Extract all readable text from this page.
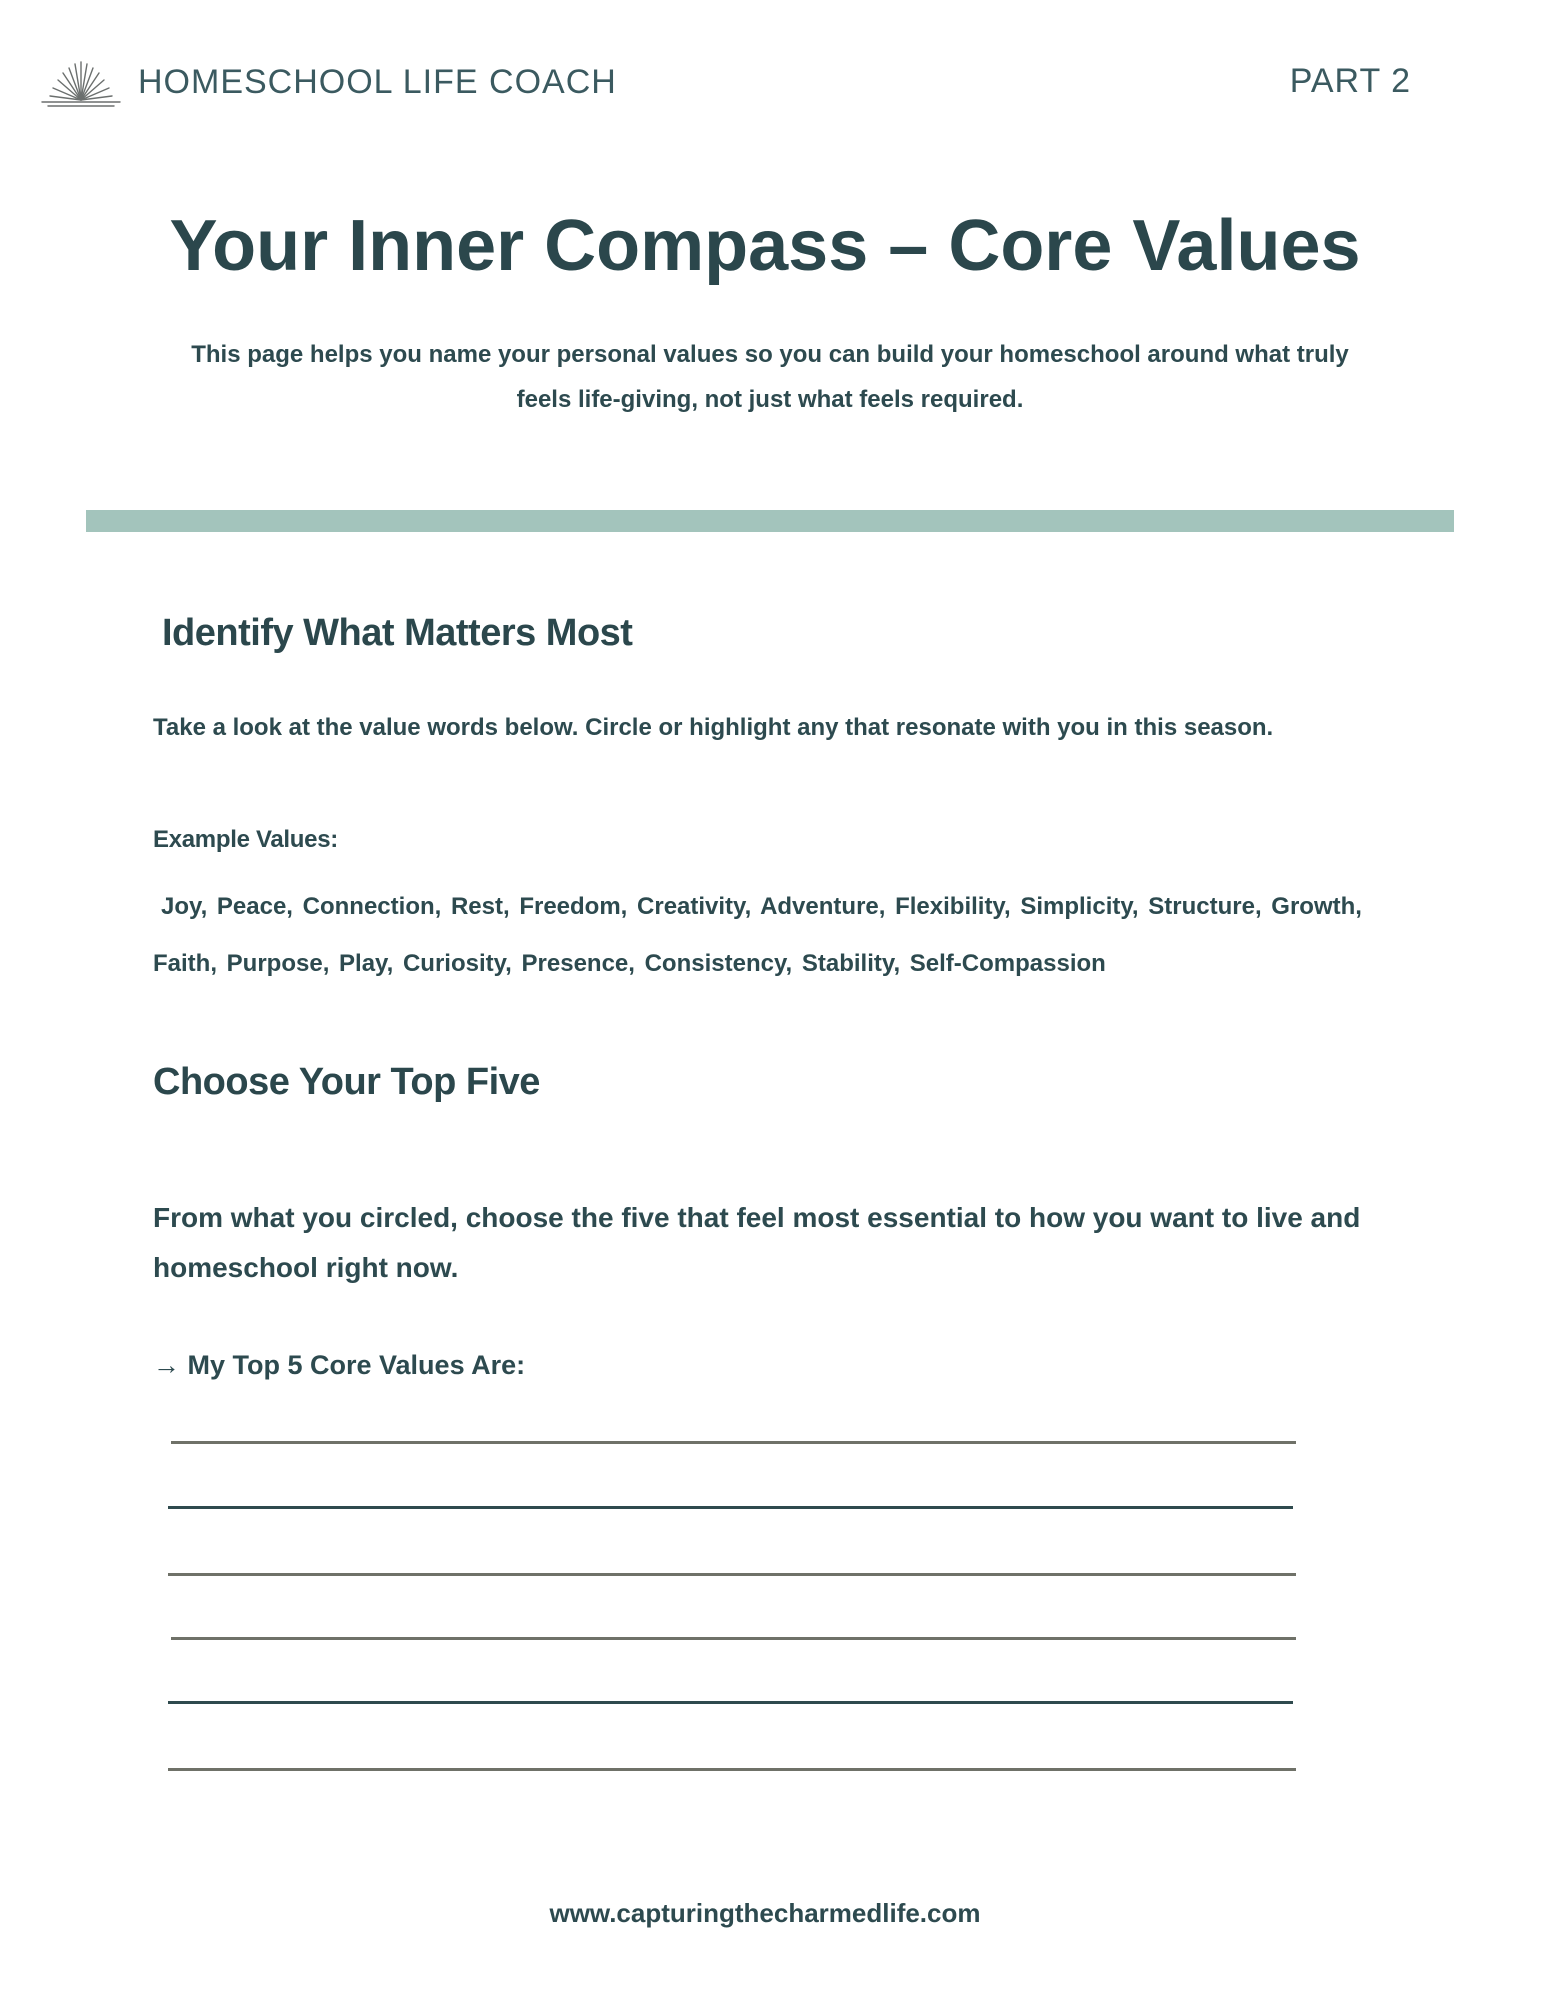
HOMESCHOOL LIFE COACH	PART 2
Your Inner Compass – Core Values

This page helps you name your personal values so you can build your homeschool around what truly feels life-giving, not just what feels required.

Identify What Matters Most

Take a look at the value words below. Circle or highlight any that resonate with you in this season.

Example Values:

Joy, Peace, Connection, Rest, Freedom, Creativity, Adventure, Flexibility, Simplicity, Structure, Growth,
Faith, Purpose, Play, Curiosity, Presence, Consistency, Stability, Self-Compassion
Choose Your Top Five

From what you circled, choose the five that feel most essential to how you want to live and homeschool right now.

→ My Top 5 Core Values Are:

www.capturingthecharmedlife.com
